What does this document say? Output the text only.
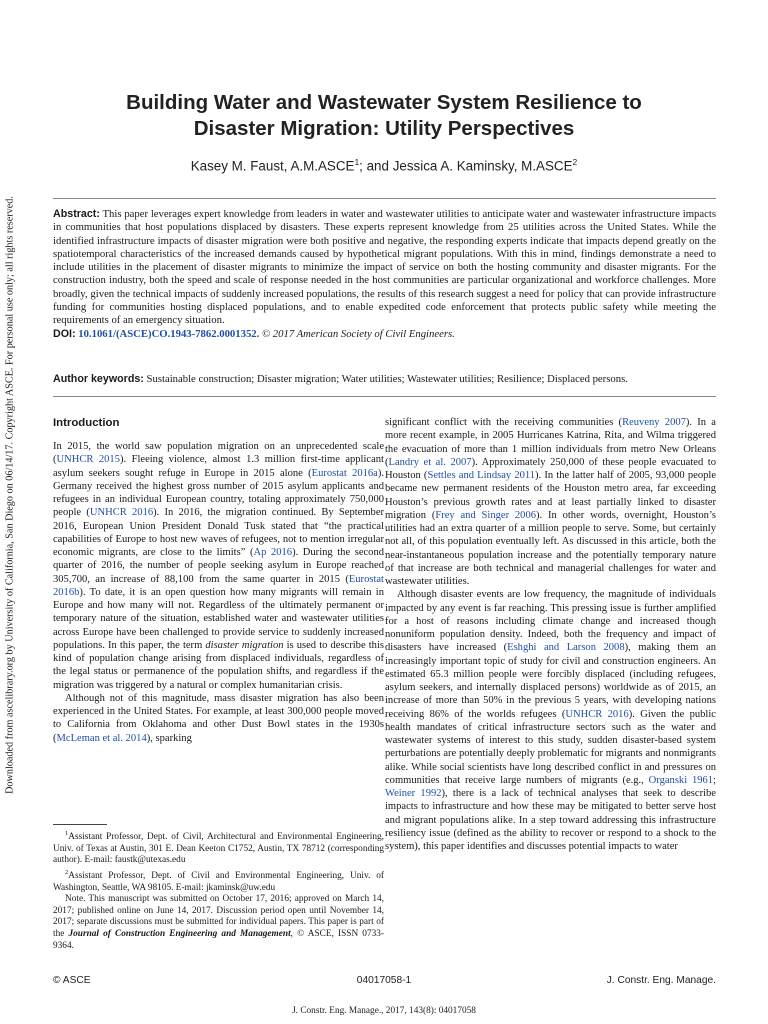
Downloaded from ascelibrary.org by University of California, San Diego on 06/14/17. Copyright ASCE. For personal use only; all rights reserved.
Building Water and Wastewater System Resilience to
Disaster Migration: Utility Perspectives

Kasey M. Faust, A.M.ASCE$^1$; and Jessica A. Kaminsky, M.ASCE$^2$

Abstract: This paper leverages expert knowledge from leaders in water and wastewater utilities to anticipate water and wastewater infrastructure impacts in communities that host populations displaced by disasters. These experts represent knowledge from 25 utilities across the United States. While the identified infrastructure impacts of disaster migration were both positive and negative, the responding experts indicate that impacts depend greatly on the spatiotemporal characteristics of the increased demands caused by hypothetical migrant populations. With this in mind, findings demonstrate a need to include utilities in the placement of disaster migrants to minimize the impact of service on both the hosting community and disaster migrants. For the construction industry, both the speed and scale of response needed in the host communities are particular organizational and workforce challenges. More broadly, given the technical impacts of suddenly increased populations, the results of this research suggest a need for policy that can provide infrastructure funding for communities hosting displaced populations, and to enable expedited code enforcement that protects public safety while meeting the requirements of an emergency situation.
DOI: 10.1061/(ASCE)CO.1943-7862.0001352. © 2017 American Society of Civil Engineers.

Author keywords: Sustainable construction; Disaster migration; Water utilities; Wastewater utilities; Resilience; Displaced persons.

Introduction

In 2015, the world saw population migration on an unprecedented scale (UNHCR 2015). Fleeing violence, almost 1.3 million first-time applicant asylum seekers sought refuge in Europe in 2015 alone (Eurostat 2016a). Germany received the highest gross number of 2015 asylum applicants and refugees in an individual European country, totaling approximately 750,000 people (UNHCR 2016). In 2016, the migration continued. By September 2016, European Union President Donald Tusk stated that “the practical capabilities of Europe to host new waves of refugees, not to mention irregular economic migrants, are close to the limits” (Ap 2016). During the second quarter of 2016, the number of people seeking asylum in Europe reached 305,700, an increase of 88,100 from the same quarter in 2015 (Eurostat 2016b). To date, it is an open question how many migrants will remain in Europe and how many will not. Regardless of the ultimately permanent or temporary nature of the situation, established water and wastewater utilities across Europe have been challenged to provide service to suddenly increased populations. In this paper, the term disaster migration is used to describe this kind of population change arising from displaced individuals, regardless of the legal status or permanence of the population shifts, and regardless if the migration was triggered by a natural or complex humanitarian crisis.

Although not of this magnitude, mass disaster migration has also been experienced in the United States. For example, at least 300,000 people moved to California from Oklahoma and other Dust Bowl states in the 1930s (McLeman et al. 2014), sparking

significant conflict with the receiving communities (Reuveny 2007). In a more recent example, in 2005 Hurricanes Katrina, Rita, and Wilma triggered the evacuation of more than 1 million individuals from metro New Orleans (Landry et al. 2007). Approximately 250,000 of these people evacuated to Houston (Settles and Lindsay 2011). In the latter half of 2005, 93,000 people became new permanent residents of the Houston metro area, far exceeding Houston’s previous growth rates and at least partially linked to disaster migration (Frey and Singer 2006). In other words, overnight, Houston’s utilities had an extra quarter of a million people to serve. Some, but certainly not all, of this population eventually left. As discussed in this article, both the near-instantaneous population increase and the potentially temporary nature of that increase are both technical and managerial challenges for water and wastewater utilities.

Although disaster events are low frequency, the magnitude of individuals impacted by any event is far reaching. This pressing issue is further amplified for a host of reasons including climate change and increased though nonuniform population density. Indeed, both the frequency and impact of disasters have increased (Eshghi and Larson 2008), making them an increasingly important topic of study for civil and construction engineers. An estimated 65.3 million people were forcibly displaced (including refugees, asylum seekers, and internally displaced persons) worldwide as of 2015, an increase of more than 50% in the previous 5 years, with developing nations receiving 86% of the worlds refugees (UNHCR 2016). Given the public health mandates of critical infrastructure sectors such as the water and wastewater systems of interest to this study, sudden disaster-based system perturbations are potentially deeply problematic for migrants and nonmigrants alike. While social scientists have long described conflict in and pressures on communities that receive large numbers of migrants (e.g., Organski 1961; Weiner 1992), there is a lack of technical analyses that seek to describe impacts to infrastructure and how these may be mitigated to better serve host and migrant populations alike. In a step toward addressing this infrastructure resiliency issue (defined as the ability to recover or respond to a shock to the system), this paper identifies and discusses potential impacts to water

$^1$Assistant Professor, Dept. of Civil, Architectural and Environmental Engineering, Univ. of Texas at Austin, 301 E. Dean Keeton C1752, Austin, TX 78712 (corresponding author). E-mail: faustk@utexas.edu

$^2$Assistant Professor, Dept. of Civil and Environmental Engineering, Univ. of Washington, Seattle, WA 98105. E-mail: jkaminsk@uw.edu

Note. This manuscript was submitted on October 17, 2016; approved on March 14, 2017; published online on June 14, 2017. Discussion period open until November 14, 2017; separate discussions must be submitted for individual papers. This paper is part of the Journal of Construction Engineering and Management, © ASCE, ISSN 0733-9364.

© ASCE	04017058-1	J. Constr. Eng. Manage.
J. Constr. Eng. Manage., 2017, 143(8): 04017058
